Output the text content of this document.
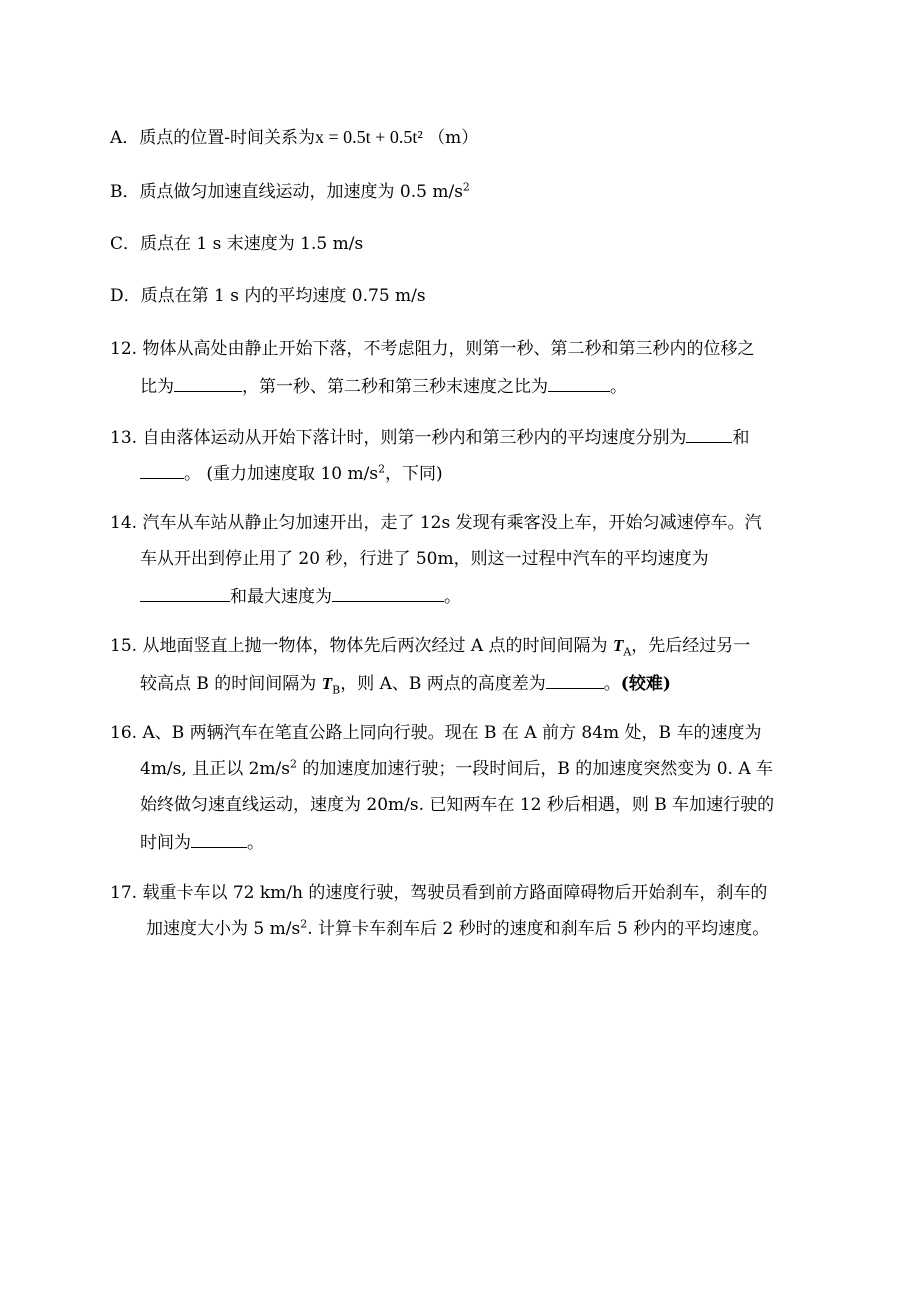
A．质点的位置-时间关系为x = 0.5t + 0.5t² （m）
B．质点做匀加速直线运动，加速度为 0.5 $m/s^2$
C．质点在 1 s 末速度为 1.5 m/s
D．质点在第 1 s 内的平均速度 0.75 m/s
12. 物体从高处由静止开始下落，不考虑阻力，则第一秒、第二秒和第三秒内的位移之
比为	，第一秒、第二秒和第三秒末速度之比为	。
13. 自由落体运动从开始下落计时，则第一秒内和第三秒内的平均速度分别为	和
。 (重力加速度取 10 $m/s^2$，下同)
14. 汽车从车站从静止匀加速开出，走了 12s 发现有乘客没上车，开始匀减速停车。汽
车从开出到停止用了 20 秒，行进了 50m，则这一过程中汽车的平均速度为
和最大速度为	。
15. 从地面竖直上抛一物体，物体先后两次经过 A 点的时间间隔为 $T_A$，先后经过另一
较高点 B 的时间间隔为 $T_B$，则 A、B 两点的高度差为	。(较难)
16. A、B 两辆汽车在笔直公路上同向行驶。现在 B 在 A 前方 84m 处，B 车的速度为
4m/s, 且正以 $2m/s^2$ 的加速度加速行驶；一段时间后，B 的加速度突然变为 0. A 车
始终做匀速直线运动，速度为 20m/s. 已知两车在 12 秒后相遇，则 B 车加速行驶的
时间为	。
17. 载重卡车以 72 km/h 的速度行驶，驾驶员看到前方路面障碍物后开始刹车，刹车的
加速度大小为 5 $m/s^2$. 计算卡车刹车后 2 秒时的速度和刹车后 5 秒内的平均速度。
